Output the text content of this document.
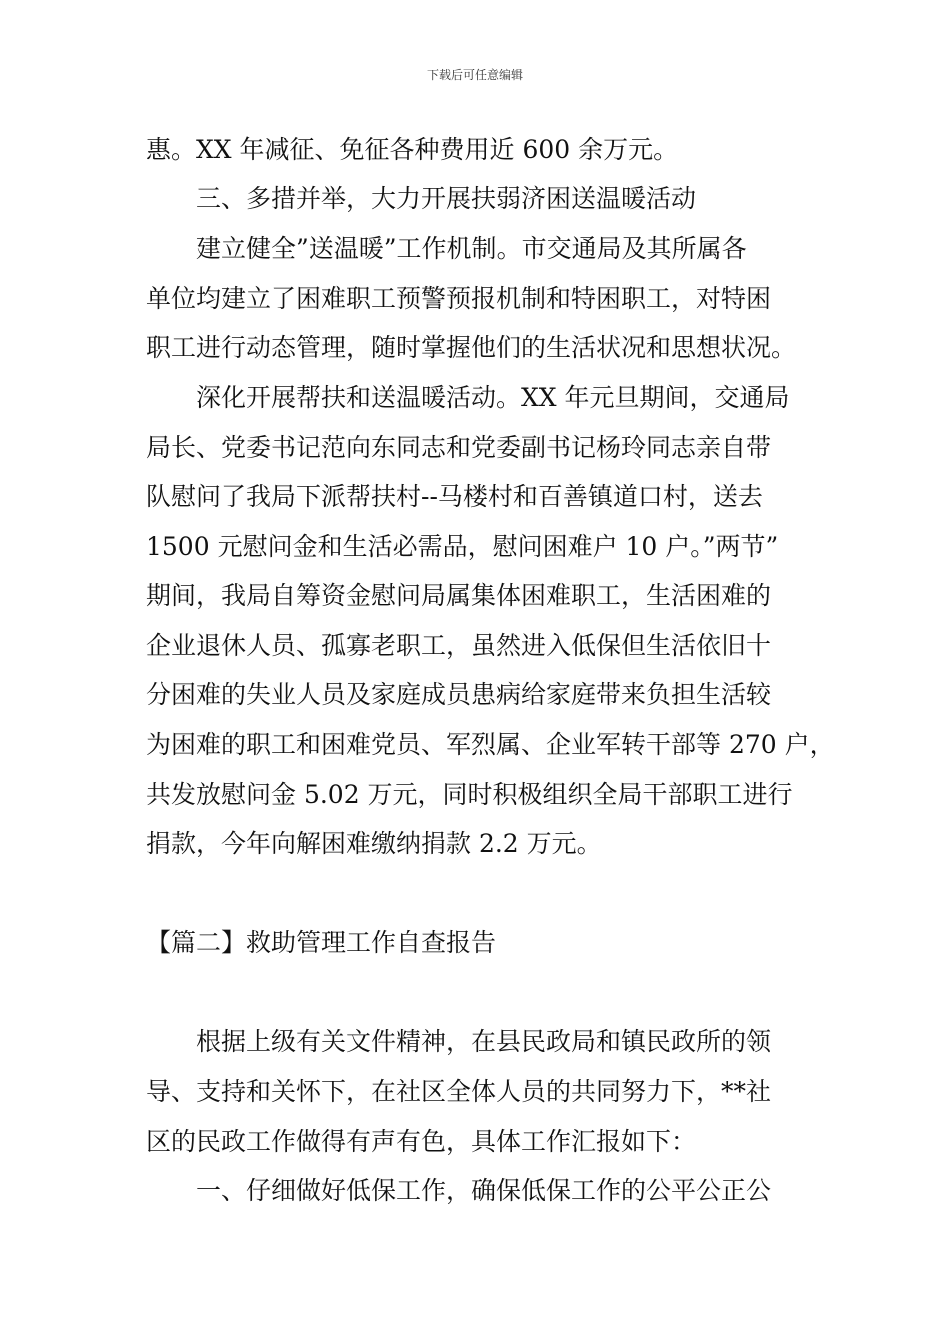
下载后可任意编辑
惠。XX 年减征、免征各种费用近 600 余万元。
三、多措并举，大力开展扶弱济困送温暖活动
建立健全”送温暖”工作机制。市交通局及其所属各
单位均建立了困难职工预警预报机制和特困职工，对特困
职工进行动态管理，随时掌握他们的生活状况和思想状况。
深化开展帮扶和送温暖活动。XX 年元旦期间，交通局
局长、党委书记范向东同志和党委副书记杨玲同志亲自带
队慰问了我局下派帮扶村--马楼村和百善镇道口村，送去
1500 元慰问金和生活必需品，慰问困难户 10 户。”两节”
期间，我局自筹资金慰问局属集体困难职工，生活困难的
企业退休人员、孤寡老职工，虽然进入低保但生活依旧十
分困难的失业人员及家庭成员患病给家庭带来负担生活较
为困难的职工和困难党员、军烈属、企业军转干部等 270 户，
共发放慰问金 5.02 万元，同时积极组织全局干部职工进行
捐款，今年向解困难缴纳捐款 2.2 万元。
【篇二】救助管理工作自查报告
根据上级有关文件精神，在县民政局和镇民政所的领
导、支持和关怀下，在社区全体人员的共同努力下，**社
区的民政工作做得有声有色，具体工作汇报如下：
一、仔细做好低保工作，确保低保工作的公平公正公
